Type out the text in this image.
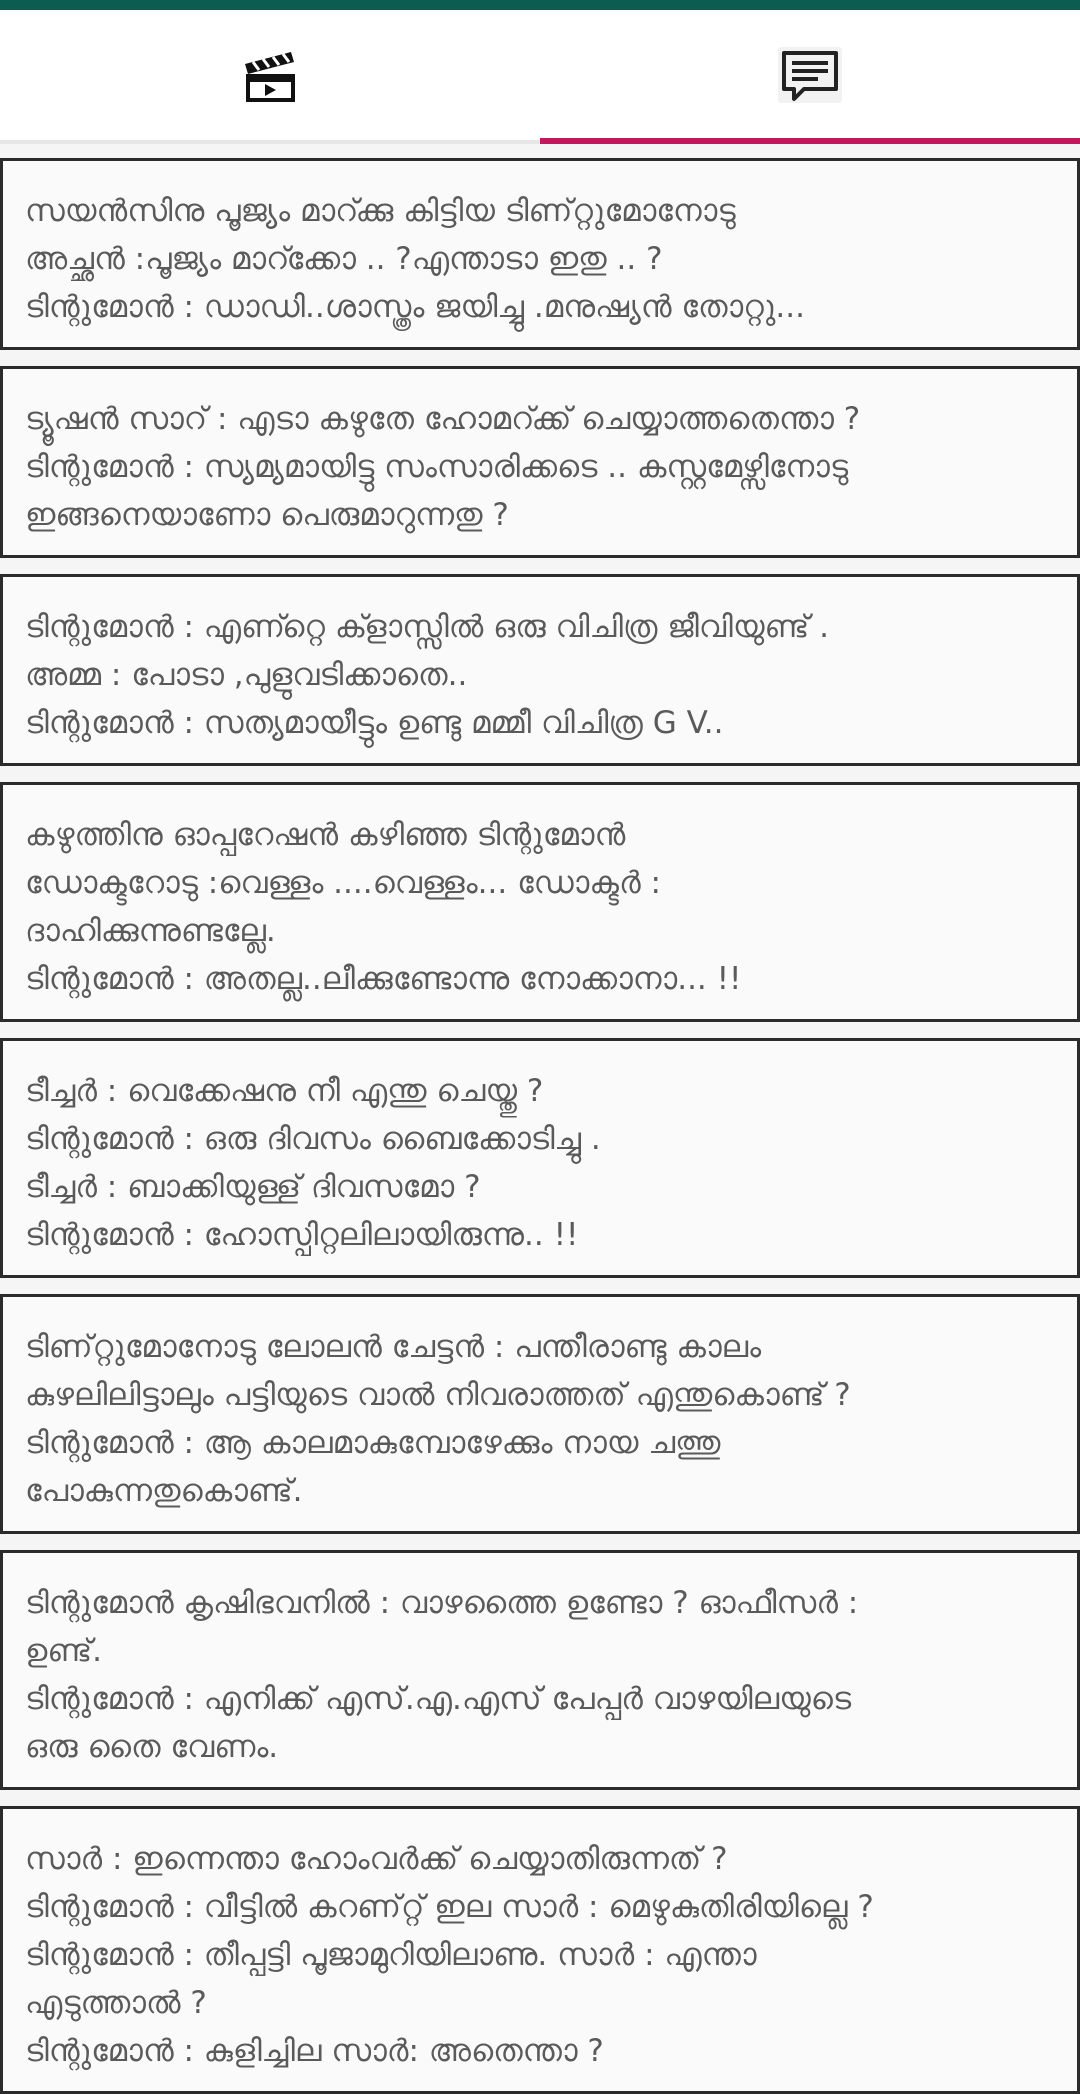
സയൻസിനു പൂജ്യം മാറ്ക്കു കിട്ടിയ ടിണ്റ്റുമോനോടു
അച്ഛൻ :പൂജ്യം മാറ്ക്കോ .. ?എന്താടാ ഇതു .. ?
ടിന്റുമോൻ : ഡാഡി..ശാസ്ത്രം ജയിച്ചു .മനുഷ്യൻ തോറ്റു...

ട്യൂഷൻ സാറ് : എടാ കഴുതേ ഹോമറ്ക്ക് ചെയ്യാത്തതെന്താ ?
ടിന്റുമോൻ : സ്യമ്യമായിട്ടു സംസാരിക്കടെ .. കസ്റ്റമേഴ്സിനോടു
ഇങ്ങനെയാണോ പെരുമാറുന്നതു ?

ടിന്റുമോൻ : എണ്റ്റെ ക്ളാസ്സിൽ ഒരു വിചിത്ര ജീവിയുണ്ട് .
അമ്മ : പോടാ ,പുളുവടിക്കാതെ..
ടിന്റുമോൻ : സത്യമായീട്ടും ഉണ്ടു മമ്മീ വിചിത്ര G V..

കഴുത്തിനു ഓപ്പറേഷൻ കഴിഞ്ഞ ടിന്റുമോൻ
ഡോക്ടറോടു :വെള്ളം ....വെള്ളം... ഡോക്ടർ :
ദാഹിക്കുന്നുണ്ടല്ലേ.
ടിന്റുമോൻ : അതല്ല..ലീക്കുണ്ടോന്നു നോക്കാനാ... !!

ടീച്ചർ : വെക്കേഷനു നീ എന്തു ചെയ്തു ?
ടിന്റുമോൻ : ഒരു ദിവസം ബൈക്കോടിച്ചു .
ടീച്ചർ : ബാക്കിയുള്ള് ദിവസമോ ?
ടിന്റുമോൻ : ഹോസ്പിറ്റലിലായിരുന്നു.. !!

ടിണ്റ്റുമോനോടു ലോലൻ ചേട്ടൻ : പന്തീരാണ്ടു കാലം
കുഴലിലിട്ടാലും പട്ടിയുടെ വാൽ നിവരാത്തത് എന്തുകൊണ്ട് ?
ടിന്റുമോൻ : ആ കാലമാകുമ്പോഴേക്കും നായ ചത്തു
പോകുന്നതുകൊണ്ട്.

ടിന്റുമോൻ കൃഷിഭവനിൽ : വാഴത്തൈ ഉണ്ടോ ? ഓഫീസർ :
ഉണ്ട്.
ടിന്റുമോൻ : എനിക്ക് എസ്.എ.എസ് പേപ്പർ വാഴയിലയുടെ
ഒരു തൈ വേണം.

സാർ : ഇന്നെന്താ ഹോംവർക്ക് ചെയ്യാതിരുന്നത് ?
ടിന്റുമോൻ : വീട്ടിൽ കറണ്റ്റ് ഇല സാർ : മെഴുകുതിരിയില്ലെ ?
ടിന്റുമോൻ : തീപ്പട്ടി പൂജാമുറിയിലാണു. സാർ : എന്താ
എടുത്താൽ ?
ടിന്റുമോൻ : കുളിച്ചില സാർ: അതെന്താ ?
